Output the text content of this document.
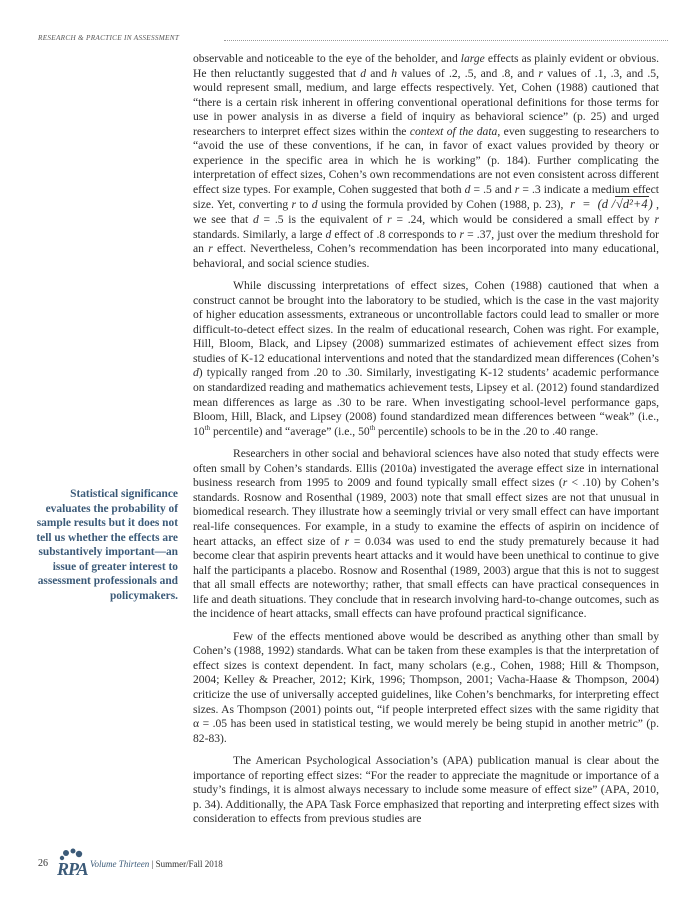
RESEARCH & PRACTICE IN ASSESSMENT

observable and noticeable to the eye of the beholder, and large effects as plainly evident or obvious. He then reluctantly suggested that d and h values of .2, .5, and .8, and r values of .1, .3, and .5, would represent small, medium, and large effects respectively. Yet, Cohen (1988) cautioned that “there is a certain risk inherent in offering conventional operational definitions for those terms for use in power analysis in as diverse a field of inquiry as behavioral science” (p. 25) and urged researchers to interpret effect sizes within the context of the data, even suggesting to researchers to “avoid the use of these conventions, if he can, in favor of exact values provided by theory or experience in the specific area in which he is working” (p. 184). Further complicating the interpretation of effect sizes, Cohen’s own recommendations are not even consistent across different effect size types. For example, Cohen suggested that both d = .5 and r = .3 indicate a medium effect size. Yet, converting r to d using the formula provided by Cohen (1988, p. 23),  r  =  (d /√d²+4) , we see that d = .5 is the equivalent of r = .24, which would be considered a small effect by r standards. Similarly, a large d effect of .8 corresponds to r = .37, just over the medium threshold for an r effect. Nevertheless, Cohen’s recommendation has been incorporated into many educational, behavioral, and social science studies.

While discussing interpretations of effect sizes, Cohen (1988) cautioned that when a construct cannot be brought into the laboratory to be studied, which is the case in the vast majority of higher education assessments, extraneous or uncontrollable factors could lead to smaller or more difficult-to-detect effect sizes. In the realm of educational research, Cohen was right. For example, Hill, Bloom, Black, and Lipsey (2008) summarized estimates of achievement effect sizes from studies of K-12 educational interventions and noted that the standardized mean differences (Cohen’s d) typically ranged from .20 to .30. Similarly, investigating K-12 students’ academic performance on standardized reading and mathematics achievement tests, Lipsey et al. (2012) found standardized mean differences as large as .30 to be rare. When investigating school-level performance gaps, Bloom, Hill, Black, and Lipsey (2008) found standardized mean differences between “weak” (i.e., 10th percentile) and “average” (i.e., 50th percentile) schools to be in the .20 to .40 range.

Researchers in other social and behavioral sciences have also noted that study effects were often small by Cohen’s standards. Ellis (2010a) investigated the average effect size in international business research from 1995 to 2009 and found typically small effect sizes (r < .10) by Cohen’s standards. Rosnow and Rosenthal (1989, 2003) note that small effect sizes are not that unusual in biomedical research. They illustrate how a seemingly trivial or very small effect can have important real-life consequences. For example, in a study to examine the effects of aspirin on incidence of heart attacks, an effect size of r = 0.034 was used to end the study prematurely because it had become clear that aspirin prevents heart attacks and it would have been unethical to continue to give half the participants a placebo. Rosnow and Rosenthal (1989, 2003) argue that this is not to suggest that all small effects are noteworthy; rather, that small effects can have practical consequences in life and death situations. They conclude that in research involving hard-to-change outcomes, such as the incidence of heart attacks, small effects can have profound practical significance.

Few of the effects mentioned above would be described as anything other than small by Cohen’s (1988, 1992) standards. What can be taken from these examples is that the interpretation of effect sizes is context dependent. In fact, many scholars (e.g., Cohen, 1988; Hill & Thompson, 2004; Kelley & Preacher, 2012; Kirk, 1996; Thompson, 2001; Vacha-Haase & Thompson, 2004) criticize the use of universally accepted guidelines, like Cohen’s benchmarks, for interpreting effect sizes. As Thompson (2001) points out, “if people interpreted effect sizes with the same rigidity that α = .05 has been used in statistical testing, we would merely be being stupid in another metric” (p. 82-83).

The American Psychological Association’s (APA) publication manual is clear about the importance of reporting effect sizes: “For the reader to appreciate the magnitude or importance of a study’s findings, it is almost always necessary to include some measure of effect size” (APA, 2010, p. 34). Additionally, the APA Task Force emphasized that reporting and interpreting effect sizes with consideration to effects from previous studies are

Statistical significance evaluates the probability of sample results but it does not tell us whether the effects are substantively important—an issue of greater interest to assessment professionals and policymakers.
26 RPA Volume Thirteen | Summer/Fall 2018
